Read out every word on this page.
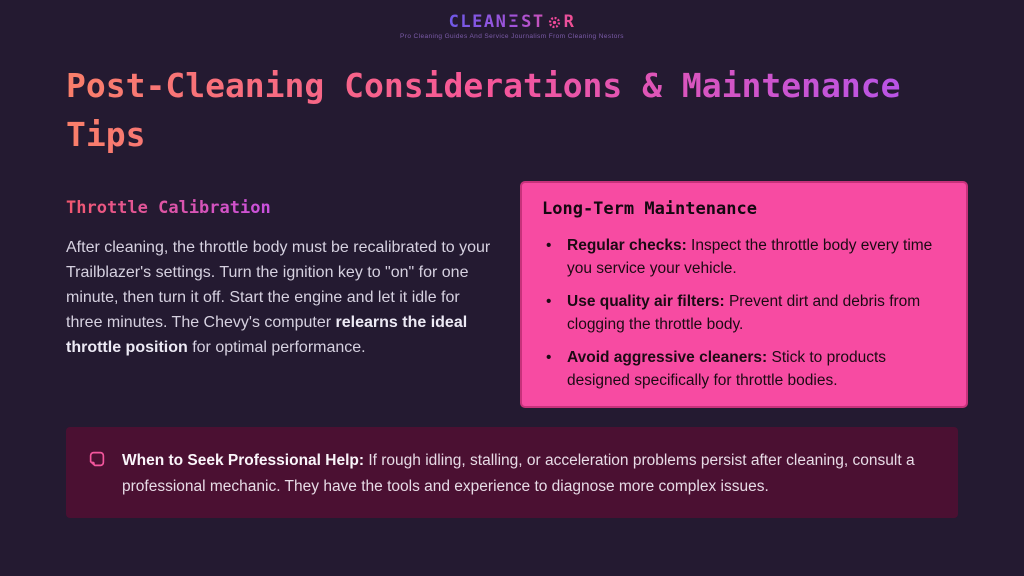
CLEAN Ξ ST R
Pro Cleaning Guides And Service Journalism From Cleaning Nestors
Post-Cleaning Considerations & Maintenance Tips
Throttle Calibration

After cleaning, the throttle body must be recalibrated to your Trailblazer's settings. Turn the ignition key to "on" for one minute, then turn it off. Start the engine and let it idle for three minutes. The Chevy's computer relearns the ideal throttle position for optimal performance.

Long-Term Maintenance
• Regular checks: Inspect the throttle body every time you service your vehicle.
• Use quality air filters: Prevent dirt and debris from clogging the throttle body.
• Avoid aggressive cleaners: Stick to products designed specifically for throttle bodies.

When to Seek Professional Help: If rough idling, stalling, or acceleration problems persist after cleaning, consult a professional mechanic. They have the tools and experience to diagnose more complex issues.
